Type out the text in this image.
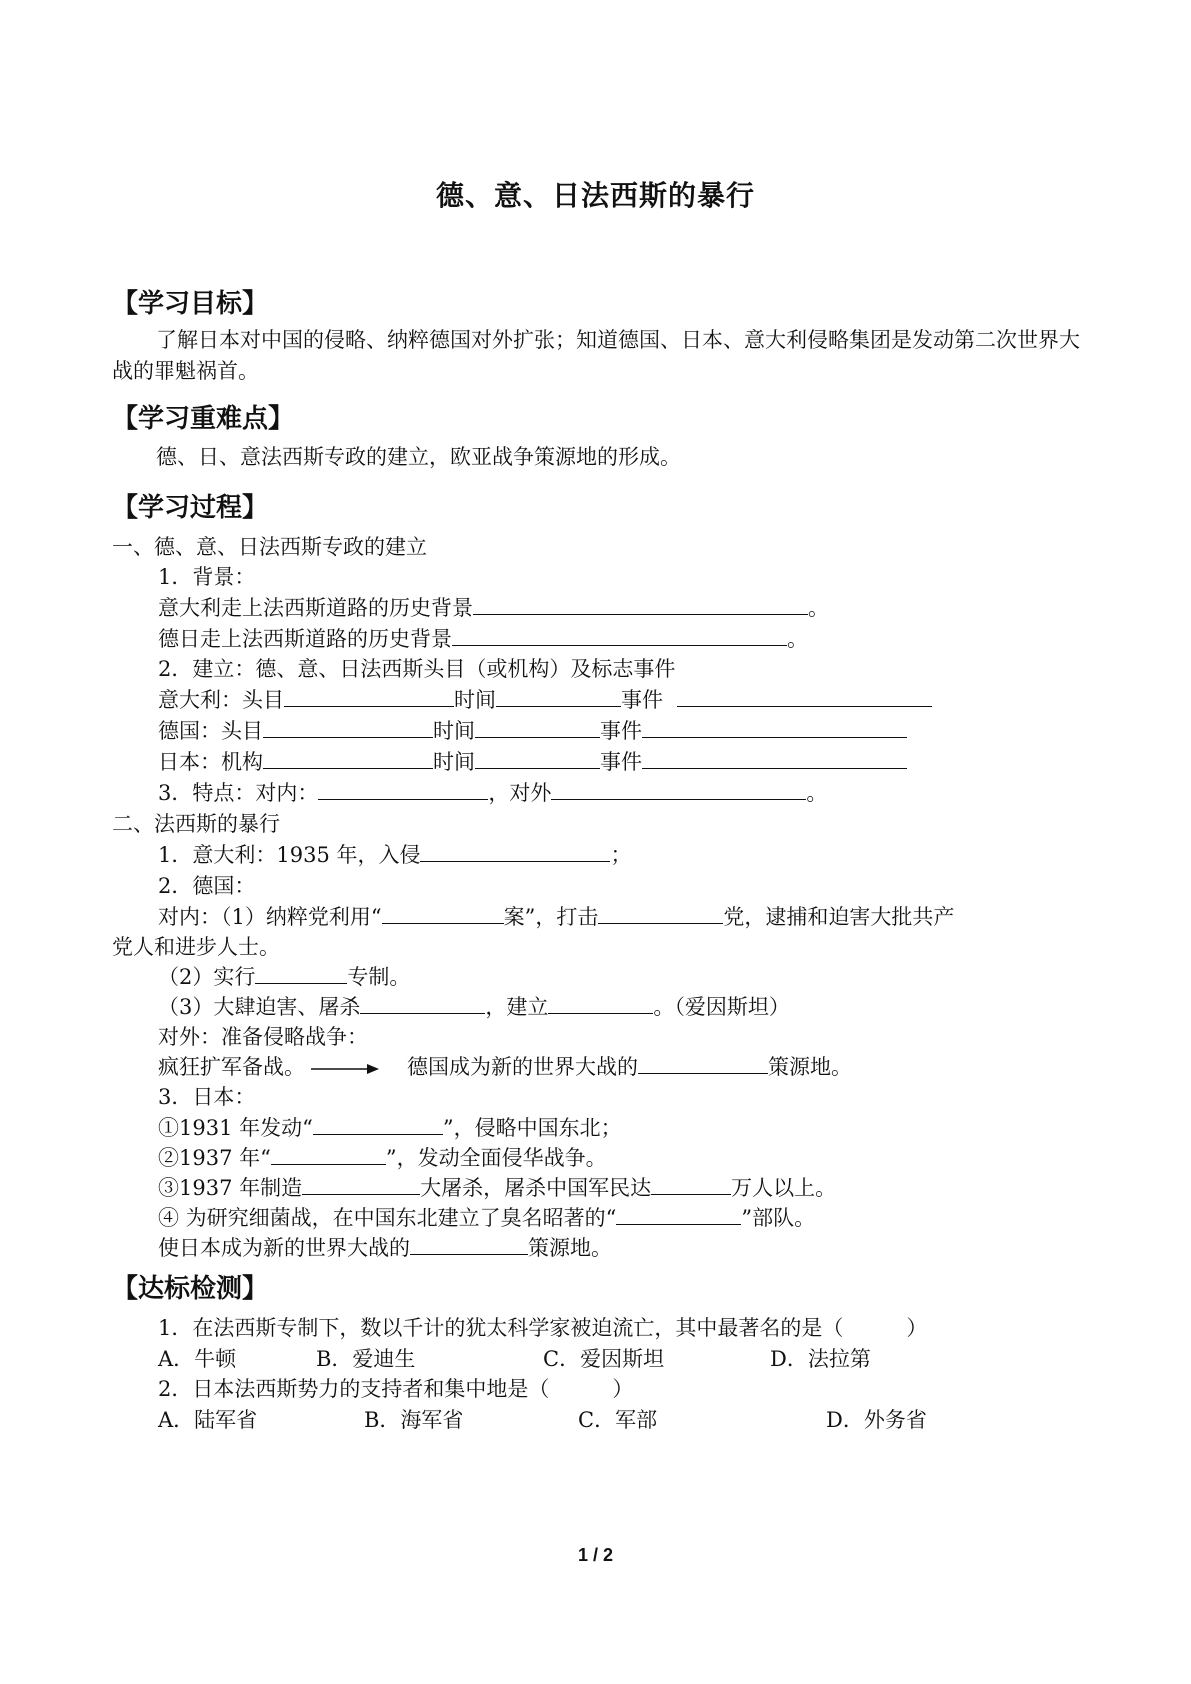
德、意、日法西斯的暴行
【学习目标】
了解日本对中国的侵略、纳粹德国对外扩张；知道德国、日本、意大利侵略集团是发动第二次世界大战的罪魁祸首。
【学习重难点】
德、日、意法西斯专政的建立，欧亚战争策源地的形成。
【学习过程】
一、德、意、日法西斯专政的建立
1．背景：
意大利走上法西斯道路的历史背景	。
德日走上法西斯道路的历史背景	。
2．建立：德、意、日法西斯头目（或机构）及标志事件
意大利：头目	时间	事件
德国：头目	时间	事件
日本：机构	时间	事件
3．特点：对内：	，对外	。
二、法西斯的暴行
1．意大利：1935 年，入侵	；
2．德国：
对内：（1）纳粹党利用“	案”，打击	党，逮捕和迫害大批共产
党人和进步人士。
（2）实行	专制。
（3）大肆迫害、屠杀	，建立	。（爱因斯坦）
对外：准备侵略战争：
疯狂扩军备战。	德国成为新的世界大战的	策源地。
3．日本：
①1931 年发动“	”，侵略中国东北；
②1937 年“	”，发动全面侵华战争。
③1937 年制造	大屠杀，屠杀中国军民达	万人以上。
④ 为研究细菌战，在中国东北建立了臭名昭著的“	”部队。
使日本成为新的世界大战的	策源地。
【达标检测】
1．在法西斯专制下，数以千计的犹太科学家被迫流亡，其中最著名的是（　　　）
A．牛顿	B．爱迪生	C．爱因斯坦	D．法拉第
2．日本法西斯势力的支持者和集中地是（　　　）
A．陆军省	B．海军省	C．军部	D．外务省
1 / 2
